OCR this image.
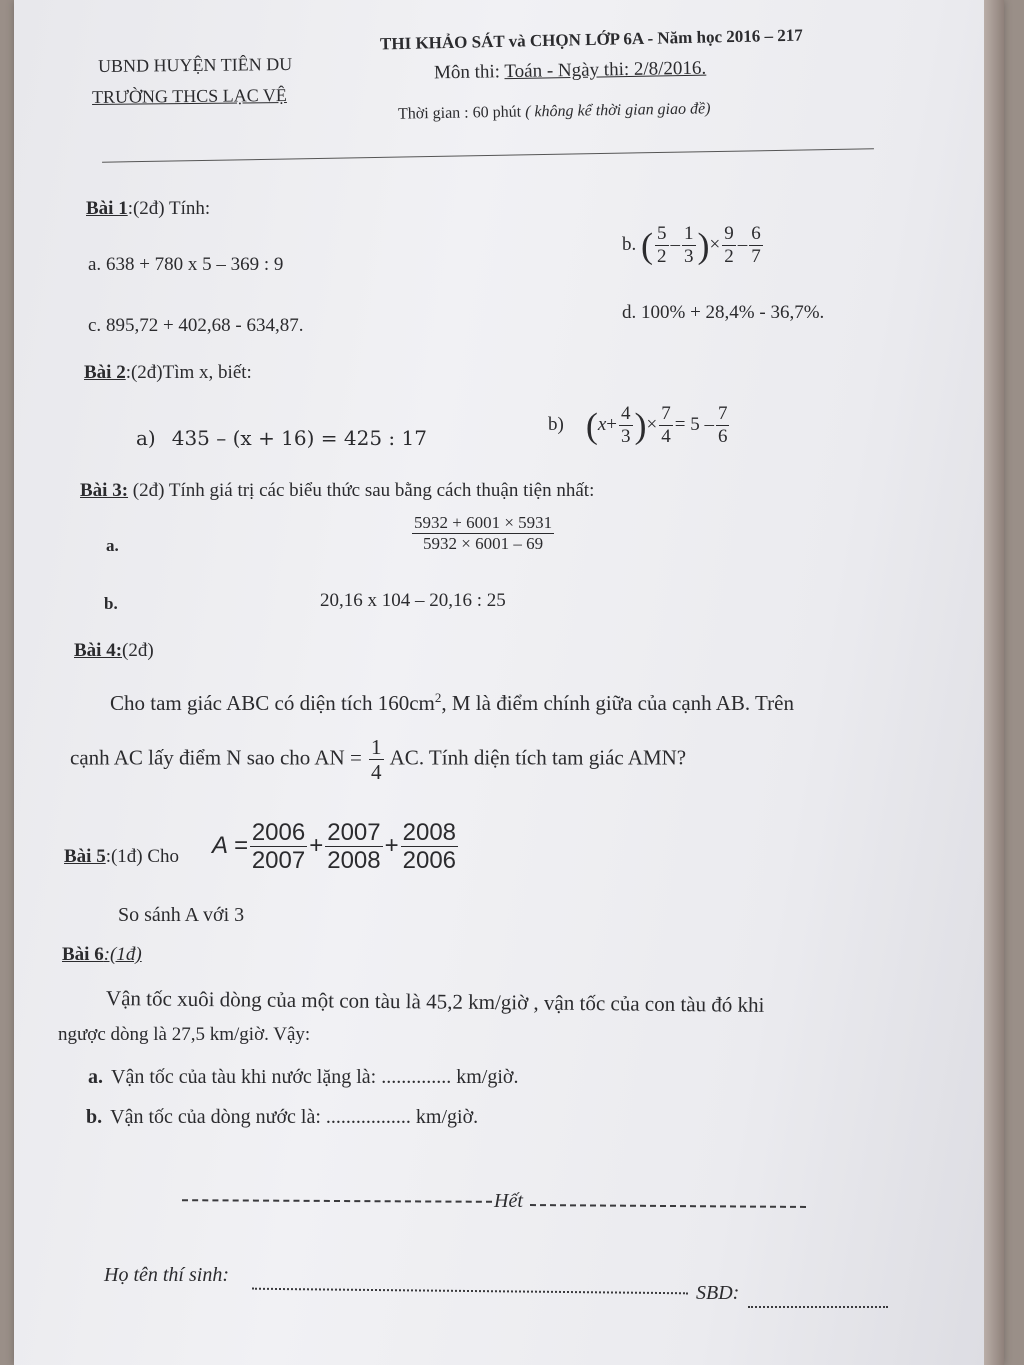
UBND HUYỆN TIÊN DU
TRƯỜNG THCS LẠC VỆ
THI KHẢO SÁT và CHỌN LỚP 6A - Năm học 2016 – 217
Môn thi: Toán - Ngày thi: 2/8/2016.
Thời gian : 60 phút ( không kể thời gian giao đề)
Bài 1:(2đ) Tính:
a. 638 + 780 x 5 – 369 : 9
b. ( $\frac{5}{2} - \frac{1}{3}$ )× $\frac{9}{2} - \frac{6}{7}$
c. 895,72 + 402,68 - 634,87.
d. 100% + 28,4% - 36,7%.
Bài 2:(2đ)Tìm x, biết:
a) 435 – (x + 16) = 425 : 17
b) ($x+ \frac{4}{3}$ )× $\frac{7}{4} = 5 - \frac{7}{6}$
Bài 3: (2đ) Tính giá trị các biểu thức sau bằng cách thuận tiện nhất:
a.	$\frac{5932 + 6001 \times 5931}{5932 \times 6001 - 69}$
b.	20,16 x 104 – 20,16 : 25
Bài 4:(2đ)
Cho tam giác ABC có diện tích $160cm^2$, M là điểm chính giữa của cạnh AB. Trên
cạnh AC lấy điểm N sao cho AN = $\frac{1}{4}$ AC. Tính diện tích tam giác AMN?
Bài 5:(1đ) Cho $A = \frac{2006}{2007} + \frac{2007}{2008} + \frac{2008}{2006}$
So sánh A với 3
Bài 6:(1đ)
Vận tốc xuôi dòng của một con tàu là 45,2 km/giờ , vận tốc của con tàu đó khi
ngược dòng là 27,5 km/giờ. Vậy:
a. Vận tốc của tàu khi nước lặng là: .............. km/giờ.
b. Vận tốc của dòng nước là: ................. km/giờ.
Hết
Họ tên thí sinh:
SBD:
